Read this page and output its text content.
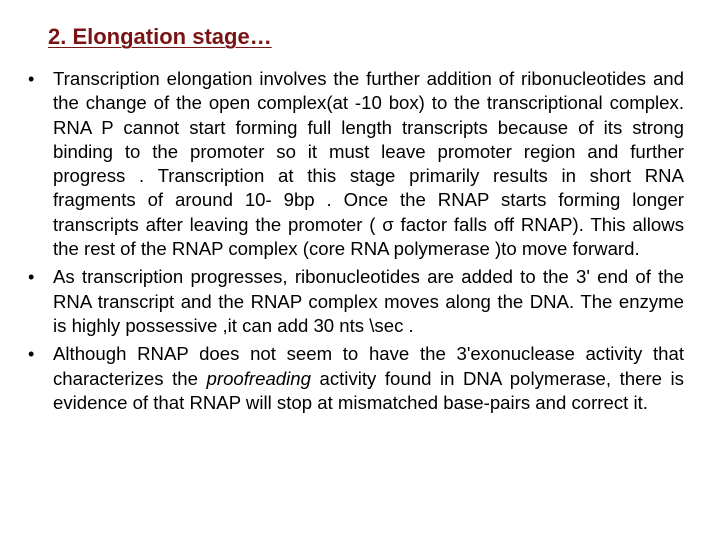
2. Elongation stage…
• Transcription elongation involves the further addition of ribonucleotides and the change of the open complex(at -10 box) to the transcriptional complex. RNA P cannot start forming full length transcripts because of its strong binding to the promoter so it must leave promoter region and further progress . Transcription at this stage primarily results in short RNA fragments of around 10- 9bp . Once the RNAP starts forming longer transcripts after leaving the promoter ( σ factor falls off RNAP). This allows the rest of the RNAP complex (core RNA polymerase )to move forward.
• As transcription progresses, ribonucleotides are added to the 3' end of the RNA transcript and the RNAP complex moves along the DNA. The enzyme is highly possessive ,it can add 30 nts \sec .
• Although RNAP does not seem to have the 3'exonuclease activity that characterizes the proofreading activity found in DNA polymerase, there is evidence of that RNAP will stop at mismatched base-pairs and correct it.
